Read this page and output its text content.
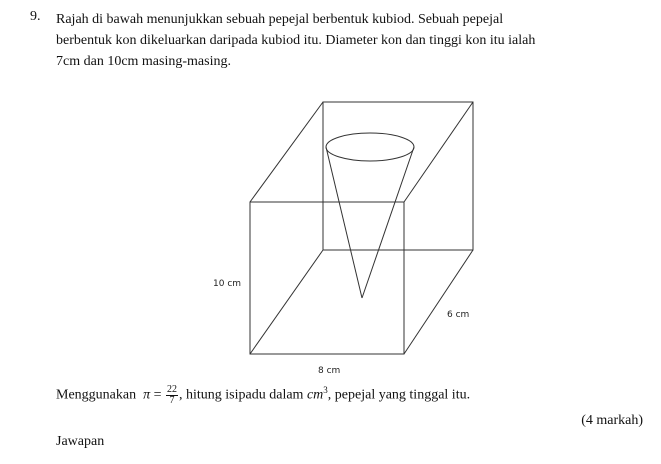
9. Rajah di bawah menunjukkan sebuah pepejal berbentuk kubiod. Sebuah pepejal
berbentuk kon dikeluarkan daripada kubiod itu. Diameter kon dan tinggi kon itu ialah
7cm dan 10cm masing-masing.

10 cm
6 cm
8 cm
Menggunakan $\pi = \frac{22}{7}$ , hitung isipadu dalam $cm^3$, pepejal yang tinggal itu.
(4 markah)
Jawapan
